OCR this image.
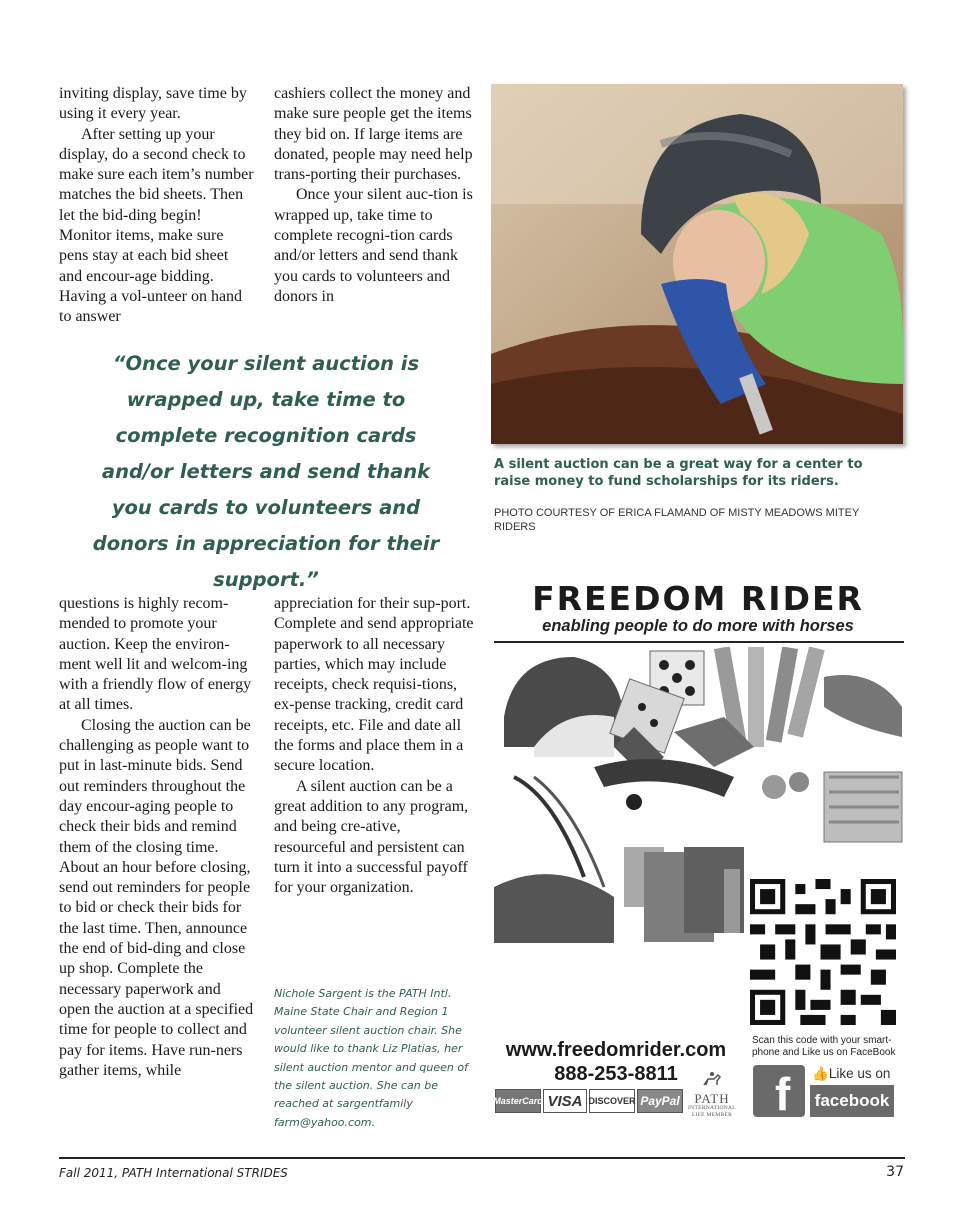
inviting display, save time by using it every year.

After setting up your display, do a second check to make sure each item’s number matches the bid sheets. Then let the bid-ding begin! Monitor items, make sure pens stay at each bid sheet and encour-age bidding. Having a vol-unteer on hand to answer

cashiers collect the money and make sure people get the items they bid on. If large items are donated, people may need help trans-porting their purchases.

Once your silent auc-tion is wrapped up, take time to complete recogni-tion cards and/or letters and send thank you cards to volunteers and donors in

“Once your silent auction is wrapped up, take time to complete recognition cards and/or letters and send thank you cards to volunteers and donors in appreciation for their support.”
A silent auction can be a great way for a center to raise money to fund scholarships for its riders.
PHOTO COURTESY OF ERICA FLAMAND OF MISTY MEADOWS MITEY RIDERS

questions is highly recom-mended to promote your auction. Keep the environ-ment well lit and welcom-ing with a friendly flow of energy at all times.

Closing the auction can be challenging as people want to put in last-minute bids. Send out reminders throughout the day encour-aging people to check their bids and remind them of the closing time. About an hour before closing, send out reminders for people to bid or check their bids for the last time. Then, announce the end of bid-ding and close up shop. Complete the necessary paperwork and open the auction at a specified time for people to collect and pay for items. Have run-ners gather items, while

appreciation for their sup-port. Complete and send appropriate paperwork to all necessary parties, which may include receipts, check requisi-tions, ex-pense tracking, credit card receipts, etc. File and date all the forms and place them in a secure location.

A silent auction can be a great addition to any program, and being cre-ative, resourceful and persistent can turn it into a successful payoff for your organization.

Nichole Sargent is the PATH Intl. Maine State Chair and Region 1 volunteer silent auction chair. She would like to thank Liz Platias, her silent auction mentor and queen of the silent auction. She can be reached at sargentfamily farm@yahoo.com.
FREEDOM RIDER
enabling people to do more with horses
Scan this code with your smart-phone and Like us on FaceBook
www.freedomrider.com
888-253-8811
MasterCard VISA DISCOVER PayPal	PATH
INTERNATIONAL LIFE MEMBER f 👍Like us on
facebook
Fall 2011, PATH International STRIDES	37
